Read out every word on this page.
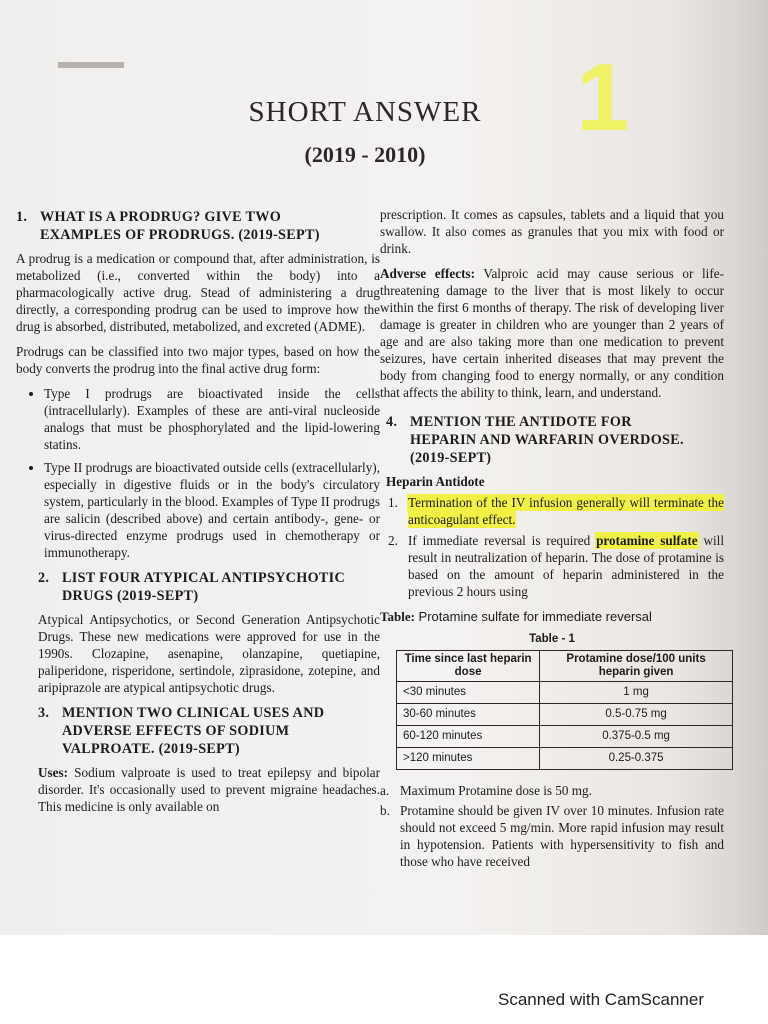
1
SHORT ANSWER
(2019 - 2010)
1. WHAT IS A PRODRUG? GIVE TWO
EXAMPLES OF PRODRUGS. (2019-SEPT)

A prodrug is a medication or compound that, after administration, is metabolized (i.e., converted within the body) into a pharmacologically active drug. Stead of administering a drug directly, a corresponding prodrug can be used to improve how the drug is absorbed, distributed, metabolized, and excreted (ADME).

Prodrugs can be classified into two major types, based on how the body converts the prodrug into the final active drug form:

• Type I prodrugs are bioactivated inside the cells (intracellularly). Examples of these are anti-viral nucleoside analogs that must be phosphorylated and the lipid-lowering statins.
• Type II prodrugs are bioactivated outside cells (extracellularly), especially in digestive fluids or in the body's circulatory system, particularly in the blood. Examples of Type II prodrugs are salicin (described above) and certain antibody-, gene- or virus-directed enzyme prodrugs used in chemotherapy or immunotherapy.
2. LIST FOUR ATYPICAL ANTIPSYCHOTIC
DRUGS (2019-SEPT)

Atypical Antipsychotics, or Second Generation Antipsychotic Drugs. These new medications were approved for use in the 1990s. Clozapine, asenapine, olanzapine, quetiapine, paliperidone, risperidone, sertindole, ziprasidone, zotepine, and aripiprazole are atypical antipsychotic drugs.

3. MENTION TWO CLINICAL USES AND
ADVERSE EFFECTS OF SODIUM
VALPROATE. (2019-SEPT)

Uses: Sodium valproate is used to treat epilepsy and bipolar disorder. It's occasionally used to prevent migraine headaches. This medicine is only available on

prescription. It comes as capsules, tablets and a liquid that you swallow. It also comes as granules that you mix with food or drink.

Adverse effects: Valproic acid may cause serious or life-threatening damage to the liver that is most likely to occur within the first 6 months of therapy. The risk of developing liver damage is greater in children who are younger than 2 years of age and are also taking more than one medication to prevent seizures, have certain inherited diseases that may prevent the body from changing food to energy normally, or any condition that affects the ability to think, learn, and understand.

4. MENTION THE ANTIDOTE FOR
HEPARIN AND WARFARIN OVERDOSE.
(2019-SEPT)
Heparin Antidote
1. Termination of the IV infusion generally will terminate the anticoagulant effect.
2. If immediate reversal is required protamine sulfate will result in neutralization of heparin. The dose of protamine is based on the amount of heparin administered in the previous 2 hours using
Table: Protamine sulfate for immediate reversal
Table - 1
Time since last heparin dose	Protamine dose/100 units heparin given
<30 minutes	1 mg
30-60 minutes	0.5-0.75 mg
60-120 minutes	0.375-0.5 mg
>120 minutes	0.25-0.375
a. Maximum Protamine dose is 50 mg.
b. Protamine should be given IV over 10 minutes. Infusion rate should not exceed 5 mg/min. More rapid infusion may result in hypotension. Patients with hypersensitivity to fish and those who have received
Scanned with CamScanner
